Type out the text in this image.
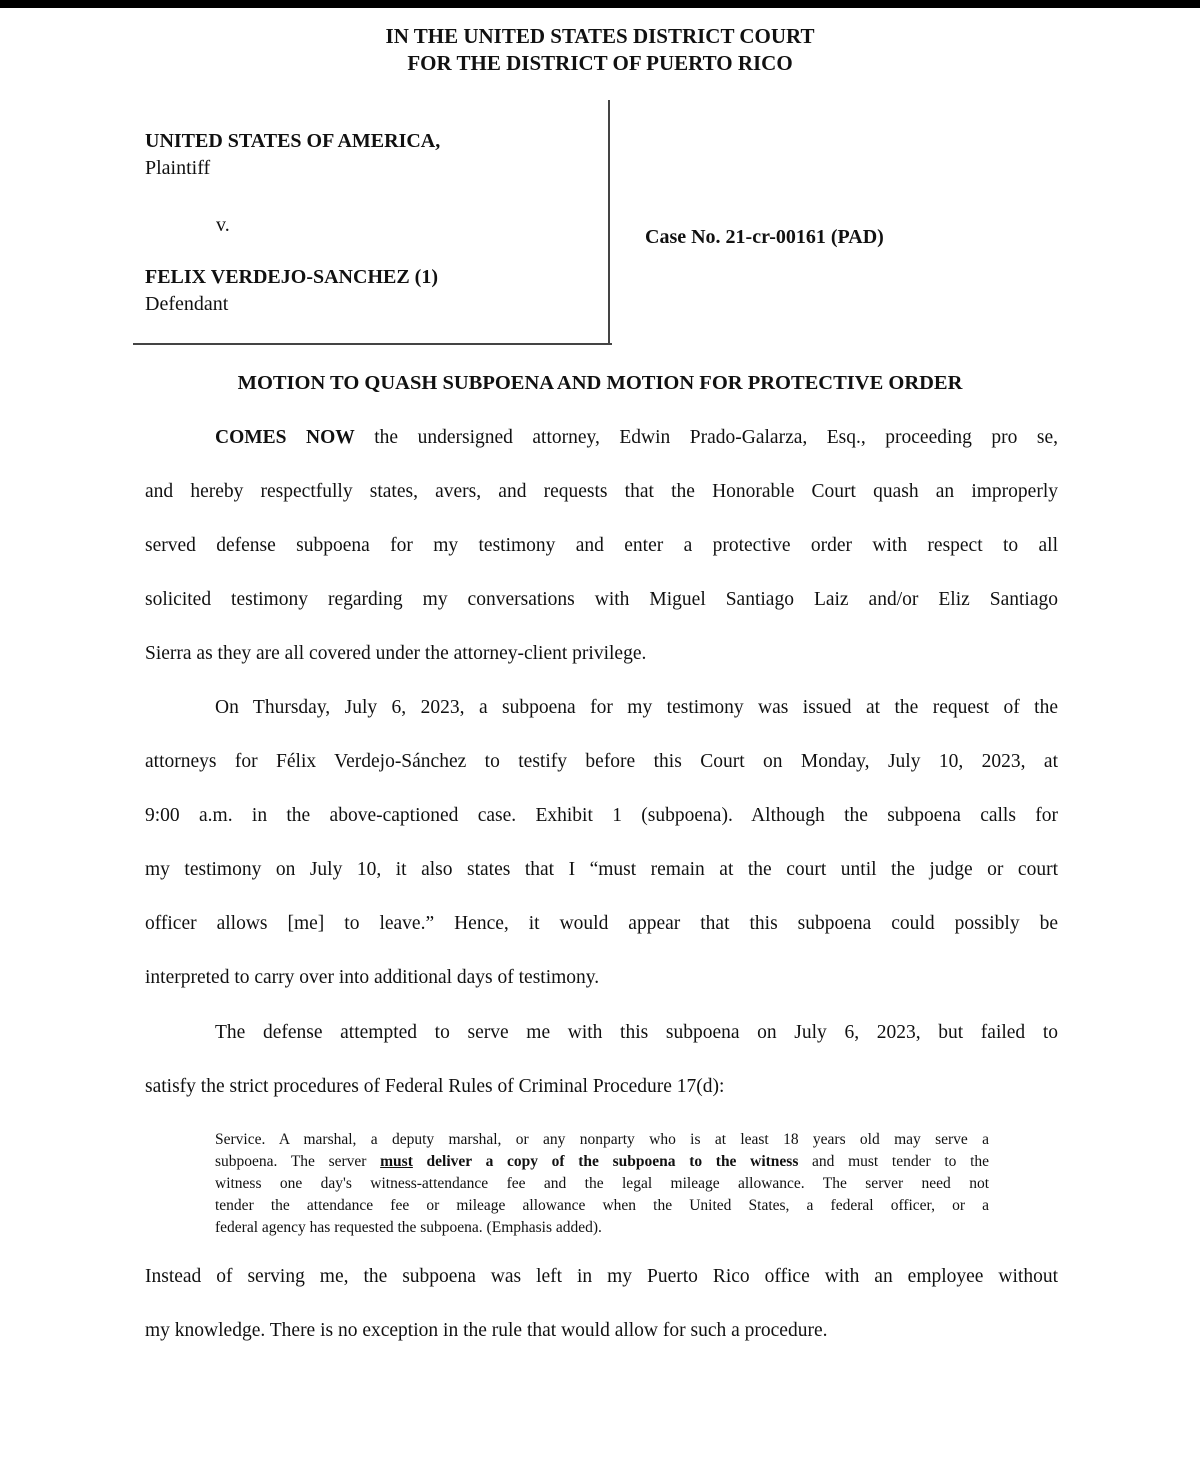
IN THE UNITED STATES DISTRICT COURT
FOR THE DISTRICT OF PUERTO RICO
UNITED STATES OF AMERICA,
Plaintiff
v.
Case No. 21-cr-00161 (PAD)
FELIX VERDEJO-SANCHEZ (1)
Defendant
MOTION TO QUASH SUBPOENA AND MOTION FOR PROTECTIVE ORDER
COMES NOW the undersigned attorney, Edwin Prado-Galarza, Esq., proceeding pro se,
and hereby respectfully states, avers, and requests that the Honorable Court quash an improperly
served defense subpoena for my testimony and enter a protective order with respect to all
solicited testimony regarding my conversations with Miguel Santiago Laiz and/or Eliz Santiago
Sierra as they are all covered under the attorney-client privilege.
On Thursday, July 6, 2023, a subpoena for my testimony was issued at the request of the
attorneys for Félix Verdejo-Sánchez to testify before this Court on Monday, July 10, 2023, at
9:00 a.m. in the above-captioned case. Exhibit 1 (subpoena). Although the subpoena calls for
my testimony on July 10, it also states that I “must remain at the court until the judge or court
officer allows [me] to leave.” Hence, it would appear that this subpoena could possibly be
interpreted to carry over into additional days of testimony.
The defense attempted to serve me with this subpoena on July 6, 2023, but failed to
satisfy the strict procedures of Federal Rules of Criminal Procedure 17(d):
Service. A marshal, a deputy marshal, or any nonparty who is at least 18 years old may serve a
subpoena. The server must deliver a copy of the subpoena to the witness and must tender to the
witness one day's witness-attendance fee and the legal mileage allowance. The server need not
tender the attendance fee or mileage allowance when the United States, a federal officer, or a
federal agency has requested the subpoena. (Emphasis added).
Instead of serving me, the subpoena was left in my Puerto Rico office with an employee without
my knowledge. There is no exception in the rule that would allow for such a procedure.
